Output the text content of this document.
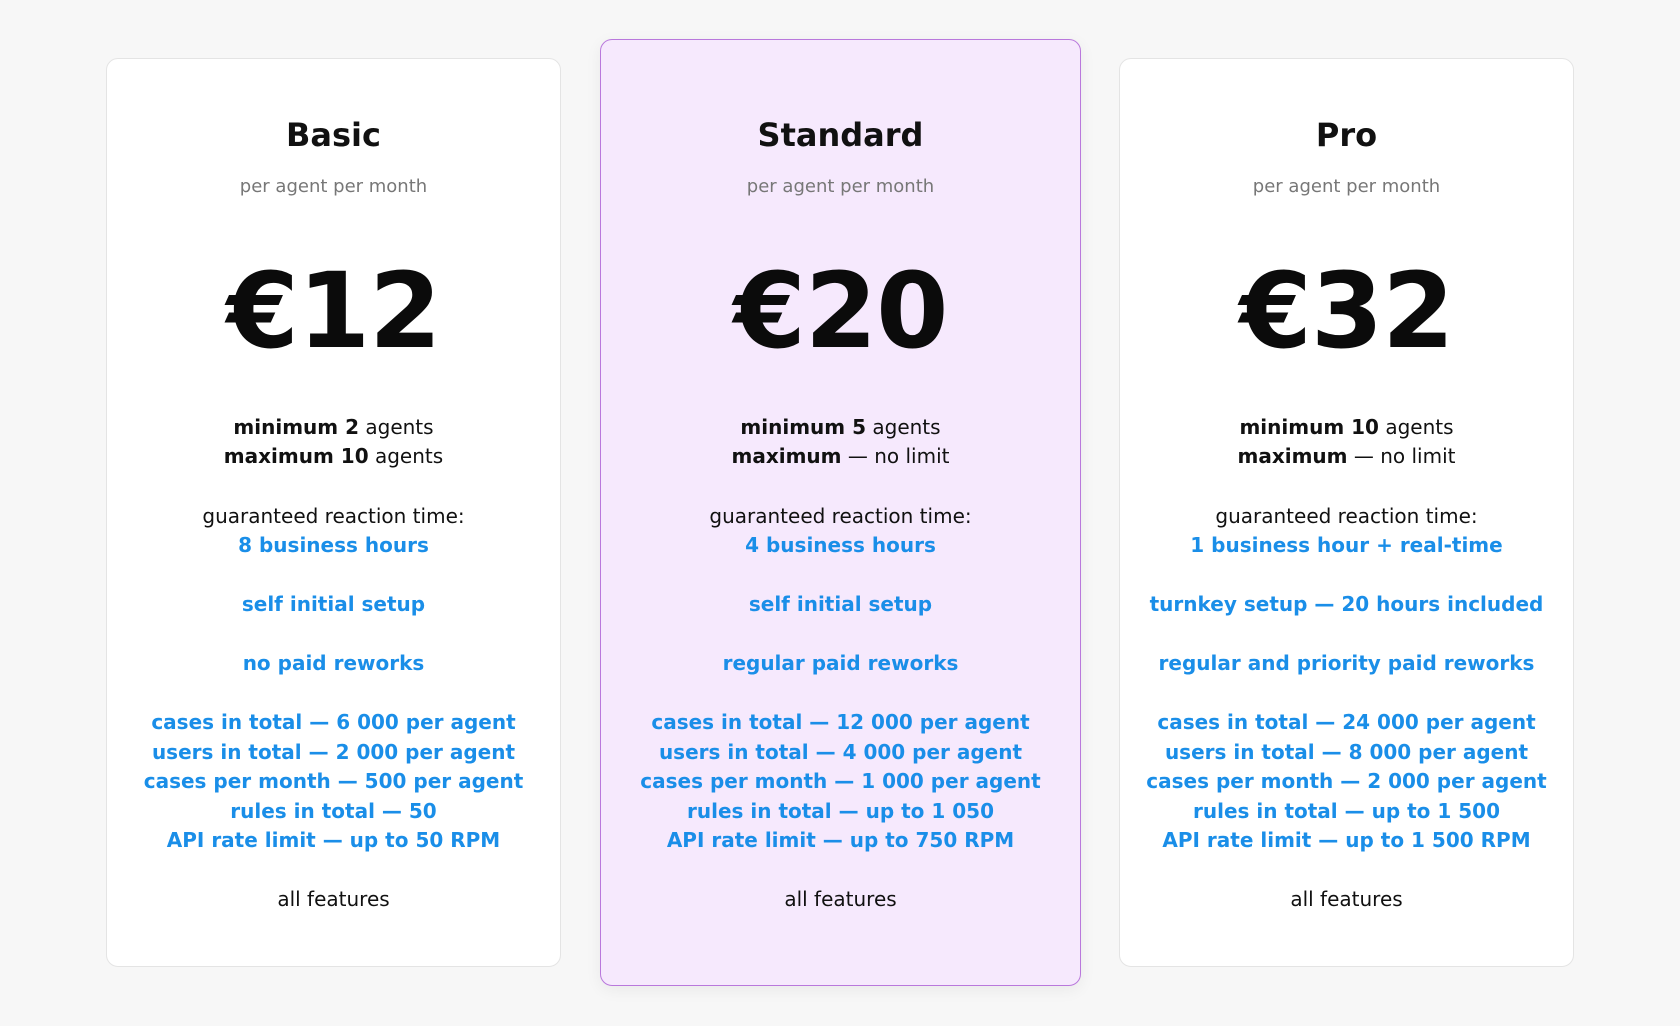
Basic
per agent per month
€12
minimum 2 agents
maximum 10 agents
guaranteed reaction time:
8 business hours
self initial setup
no paid reworks
cases in total — 6 000 per agent
users in total — 2 000 per agent
cases per month — 500 per agent
rules in total — 50
API rate limit — up to 50 RPM
all features
Standard
per agent per month
€20
minimum 5 agents
maximum — no limit
guaranteed reaction time:
4 business hours
self initial setup
regular paid reworks
cases in total — 12 000 per agent
users in total — 4 000 per agent
cases per month — 1 000 per agent
rules in total — up to 1 050
API rate limit — up to 750 RPM
all features
Pro
per agent per month
€32
minimum 10 agents
maximum — no limit
guaranteed reaction time:
1 business hour + real-time
turnkey setup — 20 hours included
regular and priority paid reworks
cases in total — 24 000 per agent
users in total — 8 000 per agent
cases per month — 2 000 per agent
rules in total — up to 1 500
API rate limit — up to 1 500 RPM
all features
